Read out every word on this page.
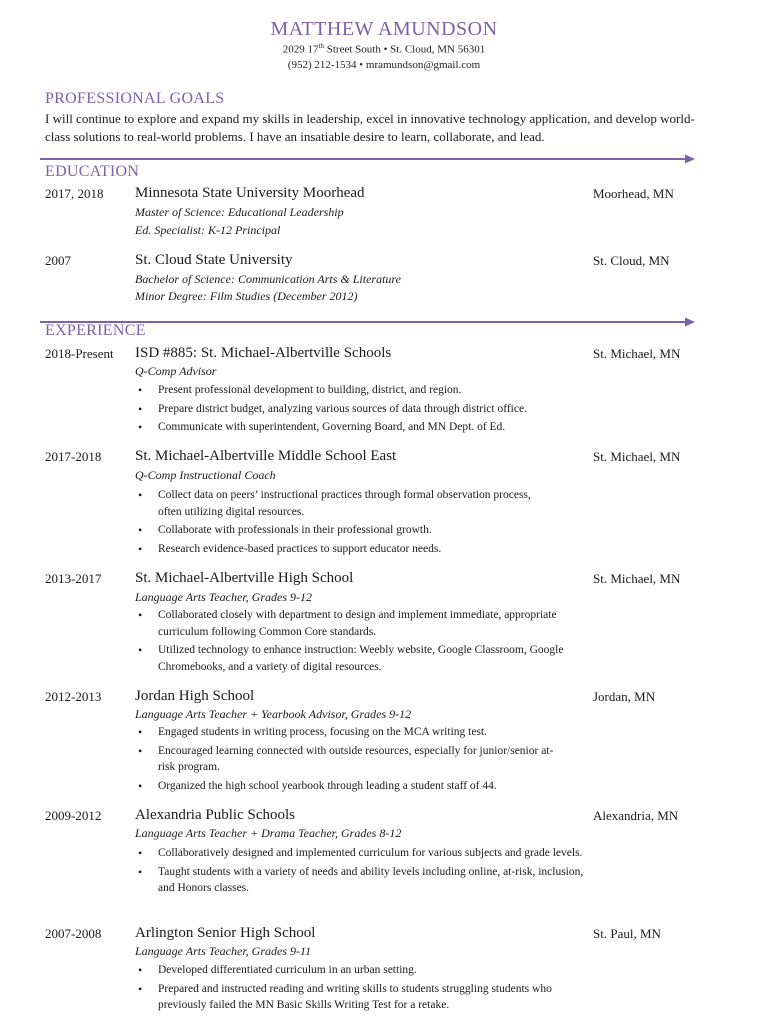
MATTHEW AMUNDSON
2029 17th Street South • St. Cloud, MN 56301
(952) 212-1534 • mramundson@gmail.com
PROFESSIONAL GOALS
I will continue to explore and expand my skills in leadership, excel in innovative technology application, and develop world-class solutions to real-world problems. I have an insatiable desire to learn, collaborate, and lead.
EDUCATION
2017, 2018 Minnesota State University Moorhead	Moorhead, MN
Master of Science: Educational Leadership
Ed. Specialist: K-12 Principal
2007	St. Cloud State University	St. Cloud, MN
Bachelor of Science: Communication Arts & Literature
Minor Degree: Film Studies (December 2012)
EXPERIENCE
2018-Present ISD #885: St. Michael-Albertville Schools	St. Michael, MN
Q-Comp Advisor
• Present professional development to building, district, and region.
• Prepare district budget, analyzing various sources of data through district office.
• Communicate with superintendent, Governing Board, and MN Dept. of Ed.
2017-2018 St. Michael-Albertville Middle School East	St. Michael, MN
Q-Comp Instructional Coach
• Collect data on peers’ instructional practices through formal observation process, often utilizing digital resources.
• Collaborate with professionals in their professional growth.
• Research evidence-based practices to support educator needs.
2013-2017 St. Michael-Albertville High School	St. Michael, MN
Language Arts Teacher, Grades 9-12
• Collaborated closely with department to design and implement immediate, appropriate curriculum following Common Core standards.
• Utilized technology to enhance instruction: Weebly website, Google Classroom, Google Chromebooks, and a variety of digital resources.
2012-2013 Jordan High School	Jordan, MN
Language Arts Teacher + Yearbook Advisor, Grades 9-12
• Engaged students in writing process, focusing on the MCA writing test.
• Encouraged learning connected with outside resources, especially for junior/senior at-risk program.
• Organized the high school yearbook through leading a student staff of 44.
2009-2012 Alexandria Public Schools	Alexandria, MN
Language Arts Teacher + Drama Teacher, Grades 8-12
• Collaboratively designed and implemented curriculum for various subjects and grade levels.
• Taught students with a variety of needs and ability levels including online, at-risk, inclusion, and Honors classes.
2007-2008 Arlington Senior High School	St. Paul, MN
Language Arts Teacher, Grades 9-11
• Developed differentiated curriculum in an urban setting.
• Prepared and instructed reading and writing skills to students struggling students who previously failed the MN Basic Skills Writing Test for a retake.
